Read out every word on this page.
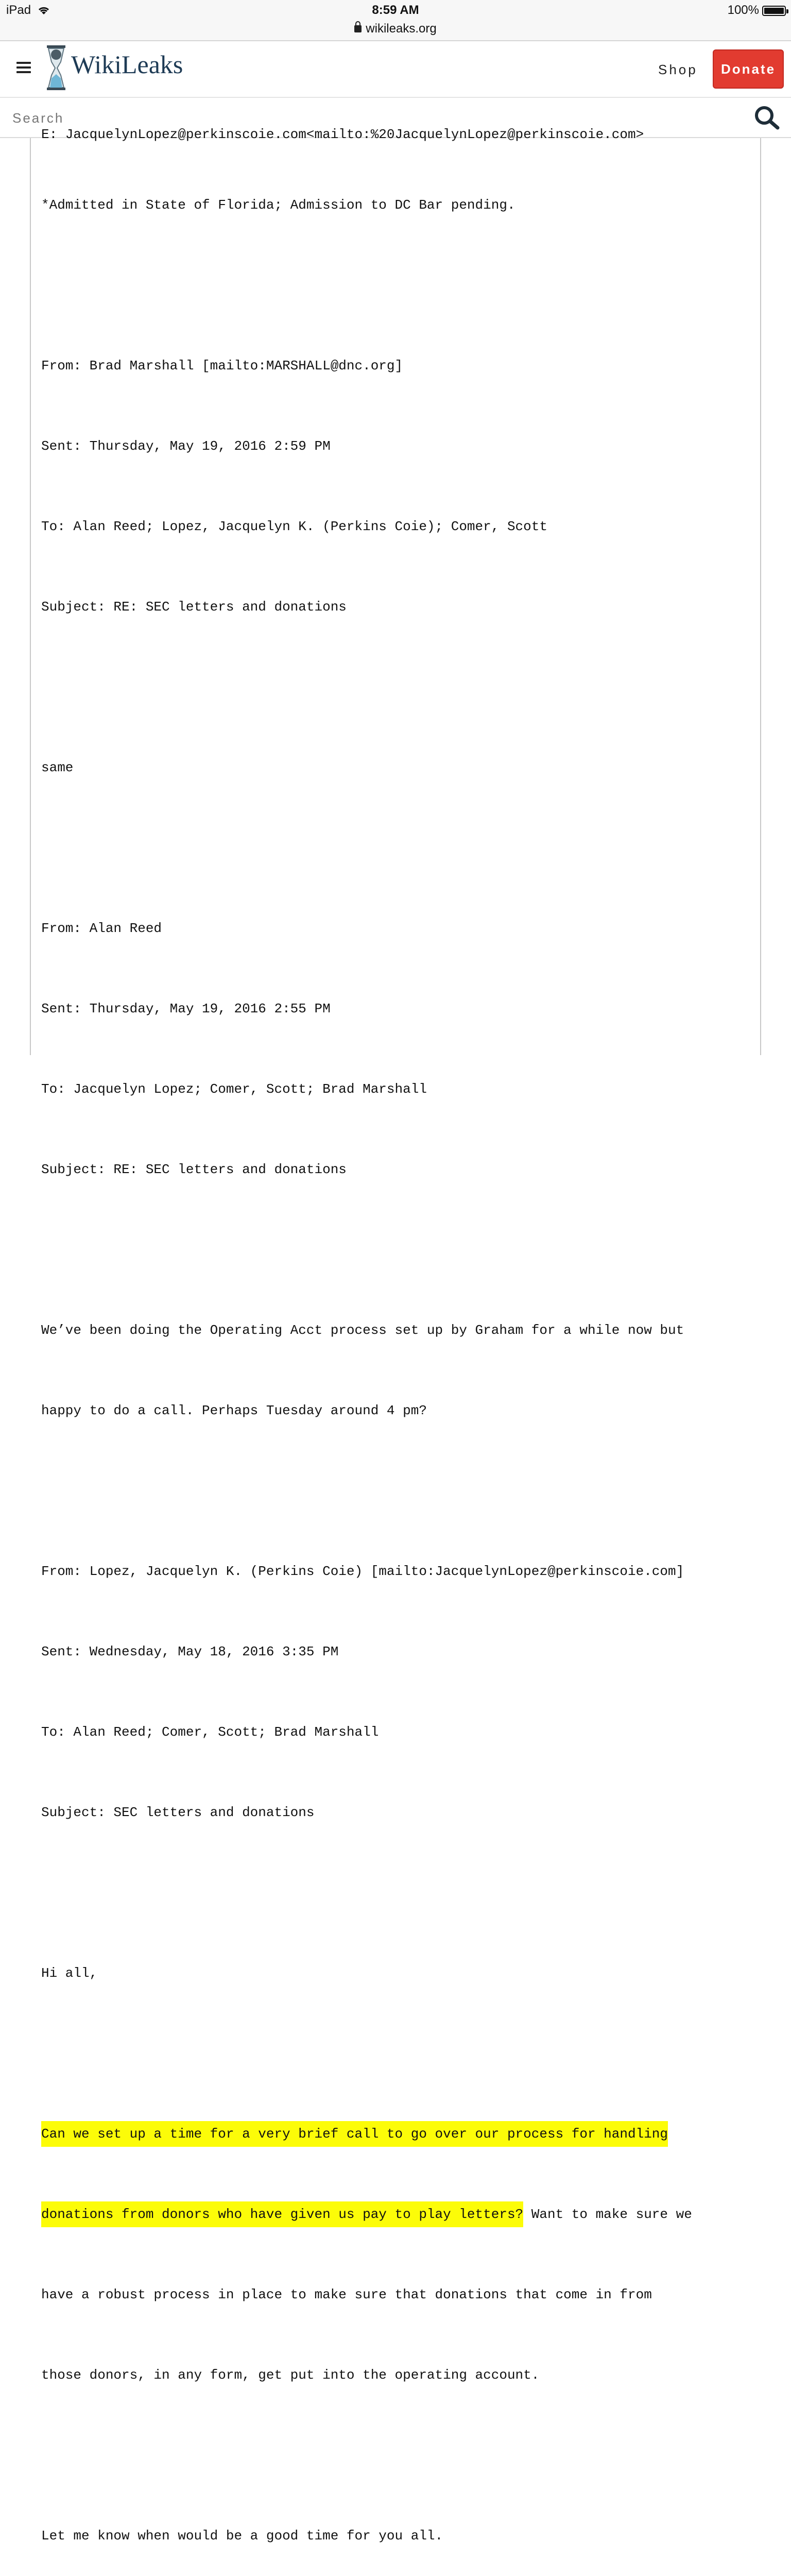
iPad	8:59 AM
wikileaks.org
100%
WikiLeaks	Shop	Donate
Search
E: JacquelynLopez@perkinscoie.com<mailto:%20JacquelynLopez@perkinscoie.com>

*Admitted in State of Florida; Admission to DC Bar pending.

From: Brad Marshall [mailto:MARSHALL@dnc.org]

Sent: Thursday, May 19, 2016 2:59 PM

To: Alan Reed; Lopez, Jacquelyn K. (Perkins Coie); Comer, Scott

Subject: RE: SEC letters and donations

same

From: Alan Reed

Sent: Thursday, May 19, 2016 2:55 PM

To: Jacquelyn Lopez; Comer, Scott; Brad Marshall

Subject: RE: SEC letters and donations

We’ve been doing the Operating Acct process set up by Graham for a while now but

happy to do a call. Perhaps Tuesday around 4 pm?

From: Lopez, Jacquelyn K. (Perkins Coie) [mailto:JacquelynLopez@perkinscoie.com]

Sent: Wednesday, May 18, 2016 3:35 PM

To: Alan Reed; Comer, Scott; Brad Marshall

Subject: SEC letters and donations

Hi all,

Can we set up a time for a very brief call to go over our process for handling

donations from donors who have given us pay to play letters? Want to make sure we

have a robust process in place to make sure that donations that come in from

those donors, in any form, get put into the operating account.

Let me know when would be a good time for you all.
